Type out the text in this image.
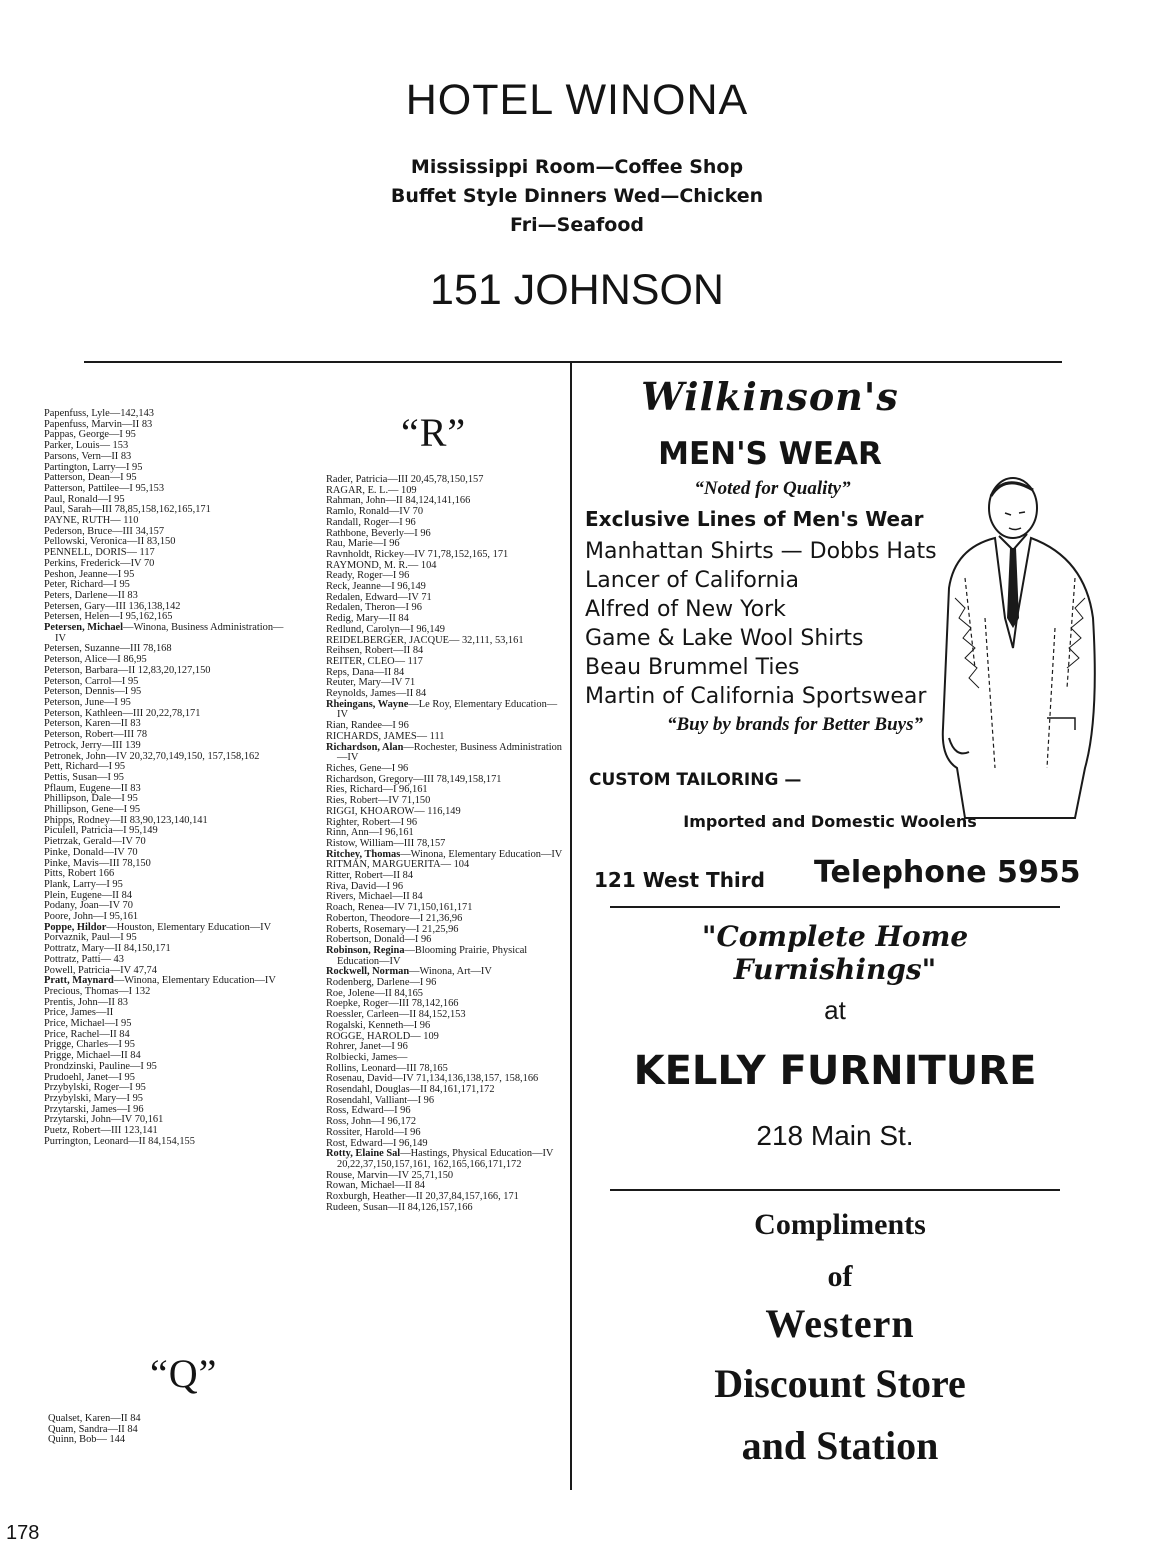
HOTEL WINONA
Mississippi Room—Coffee Shop
Buffet Style Dinners Wed—Chicken
Fri—Seafood
151 JOHNSON
Papenfuss, Lyle—142,143
Papenfuss, Marvin—II 83
Pappas, George—I 95
Parker, Louis— 153
Parsons, Vern—II 83
Partington, Larry—I 95
Patterson, Dean—I 95
Patterson, Pattilee—I 95,153
Paul, Ronald—I 95
Paul, Sarah—III 78,85,158,162,165,171
PAYNE, RUTH— 110
Pederson, Bruce—III 34,157
Pellowski, Veronica—II 83,150
PENNELL, DORIS— 117
Perkins, Frederick—IV 70
Peshon, Jeanne—I 95
Peter, Richard—I 95
Peters, Darlene—II 83
Petersen, Gary—III 136,138,142
Petersen, Helen—I 95,162,165
Petersen, Michael—Winona, Business Administration—IV
Petersen, Suzanne—III 78,168
Peterson, Alice—I 86,95
Peterson, Barbara—II 12,83,20,127,150
Peterson, Carrol—I 95
Peterson, Dennis—I 95
Peterson, June—I 95
Peterson, Kathleen—III 20,22,78,171
Peterson, Karen—II 83
Peterson, Robert—III 78
Petrock, Jerry—III 139
Petronek, John—IV 20,32,70,149,150, 157,158,162
Pett, Richard—I 95
Pettis, Susan—I 95
Pflaum, Eugene—II 83
Phillipson, Dale—I 95
Phillipson, Gene—I 95
Phipps, Rodney—II 83,90,123,140,141
Piculell, Patricia—I 95,149
Pietrzak, Gerald—IV 70
Pinke, Donald—IV 70
Pinke, Mavis—III 78,150
Pitts, Robert 166
Plank, Larry—I 95
Plein, Eugene—II 84
Podany, Joan—IV 70
Poore, John—I 95,161
Poppe, Hildor—Houston, Elementary Education—IV
Porvaznik, Paul—I 95
Pottratz, Mary—II 84,150,171
Pottratz, Patti— 43
Powell, Patricia—IV 47,74
Pratt, Maynard—Winona, Elementary Education—IV
Precious, Thomas—I 132
Prentis, John—II 83
Price, James—II
Price, Michael—I 95
Price, Rachel—II 84
Prigge, Charles—I 95
Prigge, Michael—II 84
Prondzinski, Pauline—I 95
Prudoehl, Janet—I 95
Przybylski, Roger—I 95
Przybylski, Mary—I 95
Przytarski, James—I 96
Przytarski, John—IV 70,161
Puetz, Robert—III 123,141
Purrington, Leonard—II 84,154,155
“Q”
Qualset, Karen—II 84
Quam, Sandra—II 84
Quinn, Bob— 144
“R”
Rader, Patricia—III 20,45,78,150,157
RAGAR, E. L.— 109
Rahman, John—II 84,124,141,166
Ramlo, Ronald—IV 70
Randall, Roger—I 96
Rathbone, Beverly—I 96
Rau, Marie—I 96
Ravnholdt, Rickey—IV 71,78,152,165, 171
RAYMOND, M. R.— 104
Ready, Roger—I 96
Reck, Jeanne—I 96,149
Redalen, Edward—IV 71
Redalen, Theron—I 96
Redig, Mary—II 84
Redlund, Carolyn—I 96,149
REIDELBERGER, JACQUE— 32,111, 53,161
Reihsen, Robert—II 84
REITER, CLEO— 117
Reps, Dana—II 84
Reuter, Mary—IV 71
Reynolds, James—II 84
Rheingans, Wayne—Le Roy, Elementary Education—IV
Rian, Randee—I 96
RICHARDS, JAMES— 111
Richardson, Alan—Rochester, Business Administration—IV
Riches, Gene—I 96
Richardson, Gregory—III 78,149,158,171
Ries, Richard—I 96,161
Ries, Robert—IV 71,150
RIGGI, KHOAROW— 116,149
Righter, Robert—I 96
Rinn, Ann—I 96,161
Ristow, William—III 78,157
Ritchey, Thomas—Winona, Elementary Education—IV
RITMAN, MARGUERITA— 104
Ritter, Robert—II 84
Riva, David—I 96
Rivers, Michael—II 84
Roach, Renea—IV 71,150,161,171
Roberton, Theodore—I 21,36,96
Roberts, Rosemary—I 21,25,96
Robertson, Donald—I 96
Robinson, Regina—Blooming Prairie, Physical Education—IV
Rockwell, Norman—Winona, Art—IV
Rodenberg, Darlene—I 96
Roe, Jolene—II 84,165
Roepke, Roger—III 78,142,166
Roessler, Carleen—II 84,152,153
Rogalski, Kenneth—I 96
ROGGE, HAROLD— 109
Rohrer, Janet—I 96
Rolbiecki, James—
Rollins, Leonard—III 78,165
Rosenau, David—IV 71,134,136,138,157, 158,166
Rosendahl, Douglas—II 84,161,171,172
Rosendahl, Valliant—I 96
Ross, Edward—I 96
Ross, John—I 96,172
Rossiter, Harold—I 96
Rost, Edward—I 96,149
Rotty, Elaine Sal—Hastings, Physical Education—IV 20,22,37,150,157,161, 162,165,166,171,172
Rouse, Marvin—IV 25,71,150
Rowan, Michael—II 84
Roxburgh, Heather—II 20,37,84,157,166, 171
Rudeen, Susan—II 84,126,157,166
Wilkinson's
MEN'S WEAR
“Noted for Quality”
Exclusive Lines of Men's Wear
Manhattan Shirts — Dobbs Hats
Lancer of California
Alfred of New York
Game & Lake Wool Shirts
Beau Brummel Ties
Martin of California Sportswear
“Buy by brands for Better Buys”
CUSTOM TAILORING —
Imported and Domestic Woolens
121 West Third	Telephone 5955
"Complete Home Furnishings"
at
KELLY FURNITURE
218 Main St.
Compliments
of
Western
Discount Store
and Station
178
